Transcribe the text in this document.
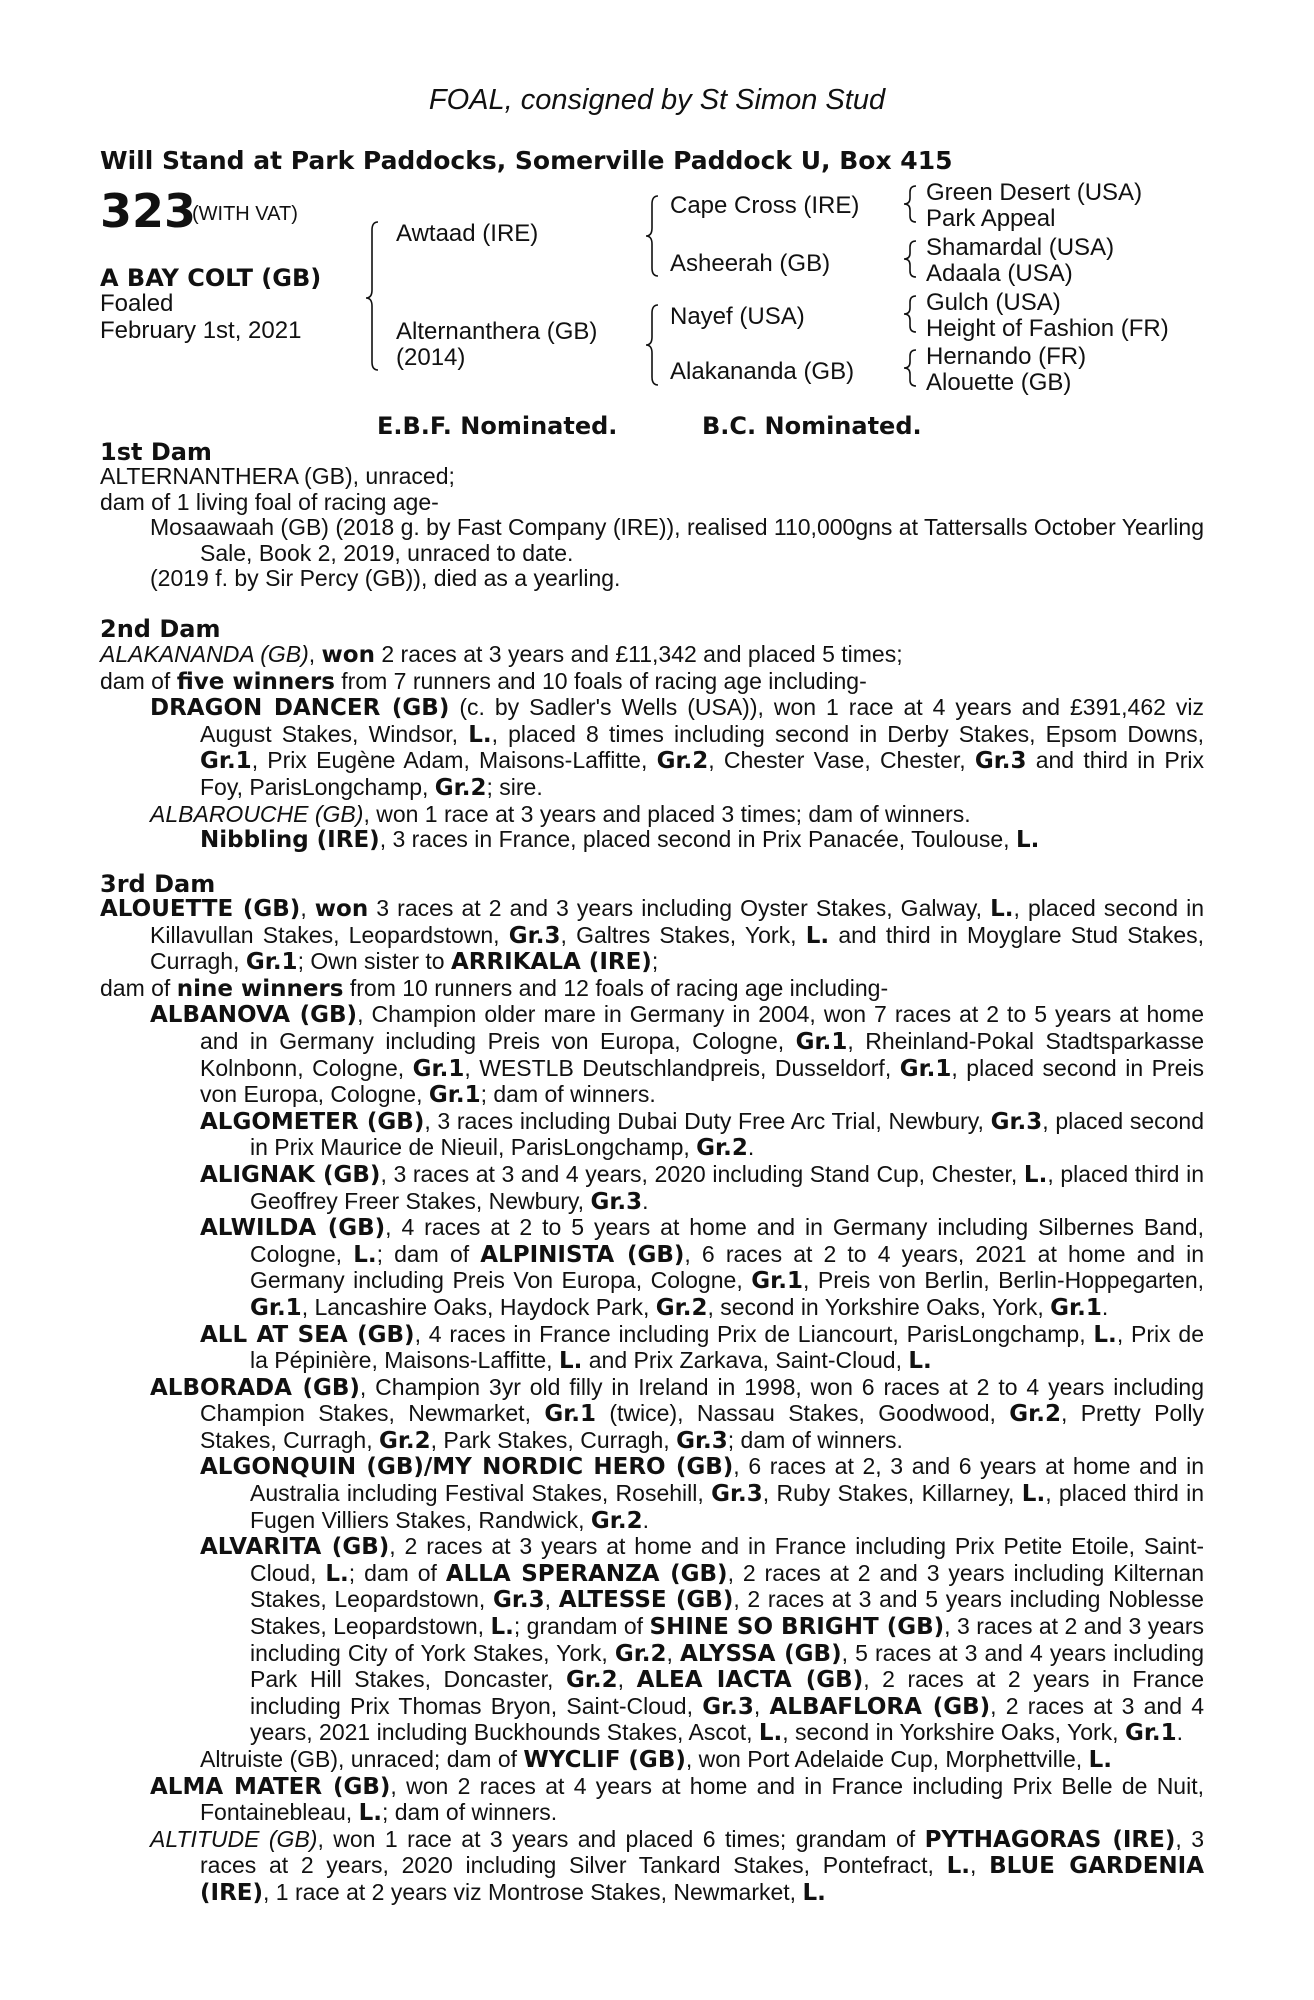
FOAL, consigned by St Simon Stud
Will Stand at Park Paddocks, Somerville Paddock U, Box 415
323
(WITH VAT)
A BAY COLT (GB)
Foaled
February 1st, 2021
Awtaad (IRE)
Alternanthera (GB)
(2014)
Cape Cross (IRE)
Asheerah (GB)
Nayef (USA)
Alakananda (GB)
Green Desert (USA)
Park Appeal
Shamardal (USA)
Adaala (USA)
Gulch (USA)
Height of Fashion (FR)
Hernando (FR)
Alouette (GB)
E.B.F. Nominated.	B.C. Nominated.
1st Dam

ALTERNANTHERA (GB), unraced;

dam of 1 living foal of racing age-

Mosaawaah (GB) (2018 g. by Fast Company (IRE)), realised 110,000gns at Tattersalls October Yearling Sale, Book 2, 2019, unraced to date.

(2019 f. by Sir Percy (GB)), died as a yearling.

2nd Dam

ALAKANANDA (GB), won 2 races at 3 years and £11,342 and placed 5 times;

dam of five winners from 7 runners and 10 foals of racing age including-

DRAGON DANCER (GB) (c. by Sadler's Wells (USA)), won 1 race at 4 years and £391,462 viz August Stakes, Windsor, L., placed 8 times including second in Derby Stakes, Epsom Downs, Gr.1, Prix Eugène Adam, Maisons-Laffitte, Gr.2, Chester Vase, Chester, Gr.3 and third in Prix Foy, ParisLongchamp, Gr.2; sire.

ALBAROUCHE (GB), won 1 race at 3 years and placed 3 times; dam of winners.

Nibbling (IRE), 3 races in France, placed second in Prix Panacée, Toulouse, L.

3rd Dam

ALOUETTE (GB), won 3 races at 2 and 3 years including Oyster Stakes, Galway, L., placed second in Killavullan Stakes, Leopardstown, Gr.3, Galtres Stakes, York, L. and third in Moyglare Stud Stakes, Curragh, Gr.1; Own sister to ARRIKALA (IRE);

dam of nine winners from 10 runners and 12 foals of racing age including-

ALBANOVA (GB), Champion older mare in Germany in 2004, won 7 races at 2 to 5 years at home and in Germany including Preis von Europa, Cologne, Gr.1, Rheinland-Pokal Stadtsparkasse Kolnbonn, Cologne, Gr.1, WESTLB Deutschlandpreis, Dusseldorf, Gr.1, placed second in Preis von Europa, Cologne, Gr.1; dam of winners.

ALGOMETER (GB), 3 races including Dubai Duty Free Arc Trial, Newbury, Gr.3, placed second in Prix Maurice de Nieuil, ParisLongchamp, Gr.2.

ALIGNAK (GB), 3 races at 3 and 4 years, 2020 including Stand Cup, Chester, L., placed third in Geoffrey Freer Stakes, Newbury, Gr.3.

ALWILDA (GB), 4 races at 2 to 5 years at home and in Germany including Silbernes Band, Cologne, L.; dam of ALPINISTA (GB), 6 races at 2 to 4 years, 2021 at home and in Germany including Preis Von Europa, Cologne, Gr.1, Preis von Berlin, Berlin-Hoppegarten, Gr.1, Lancashire Oaks, Haydock Park, Gr.2, second in Yorkshire Oaks, York, Gr.1.

ALL AT SEA (GB), 4 races in France including Prix de Liancourt, ParisLongchamp, L., Prix de la Pépinière, Maisons-Laffitte, L. and Prix Zarkava, Saint-Cloud, L.

ALBORADA (GB), Champion 3yr old filly in Ireland in 1998, won 6 races at 2 to 4 years including Champion Stakes, Newmarket, Gr.1 (twice), Nassau Stakes, Goodwood, Gr.2, Pretty Polly Stakes, Curragh, Gr.2, Park Stakes, Curragh, Gr.3; dam of winners.

ALGONQUIN (GB)/MY NORDIC HERO (GB), 6 races at 2, 3 and 6 years at home and in Australia including Festival Stakes, Rosehill, Gr.3, Ruby Stakes, Killarney, L., placed third in Fugen Villiers Stakes, Randwick, Gr.2.

ALVARITA (GB), 2 races at 3 years at home and in France including Prix Petite Etoile, Saint-Cloud, L.; dam of ALLA SPERANZA (GB), 2 races at 2 and 3 years including Kilternan Stakes, Leopardstown, Gr.3, ALTESSE (GB), 2 races at 3 and 5 years including Noblesse Stakes, Leopardstown, L.; grandam of SHINE SO BRIGHT (GB), 3 races at 2 and 3 years including City of York Stakes, York, Gr.2, ALYSSA (GB), 5 races at 3 and 4 years including Park Hill Stakes, Doncaster, Gr.2, ALEA IACTA (GB), 2 races at 2 years in France including Prix Thomas Bryon, Saint-Cloud, Gr.3, ALBAFLORA (GB), 2 races at 3 and 4 years, 2021 including Buckhounds Stakes, Ascot, L., second in Yorkshire Oaks, York, Gr.1.

Altruiste (GB), unraced; dam of WYCLIF (GB), won Port Adelaide Cup, Morphettville, L.

ALMA MATER (GB), won 2 races at 4 years at home and in France including Prix Belle de Nuit, Fontainebleau, L.; dam of winners.

ALTITUDE (GB), won 1 race at 3 years and placed 6 times; grandam of PYTHAGORAS (IRE), 3 races at 2 years, 2020 including Silver Tankard Stakes, Pontefract, L., BLUE GARDENIA (IRE), 1 race at 2 years viz Montrose Stakes, Newmarket, L.
